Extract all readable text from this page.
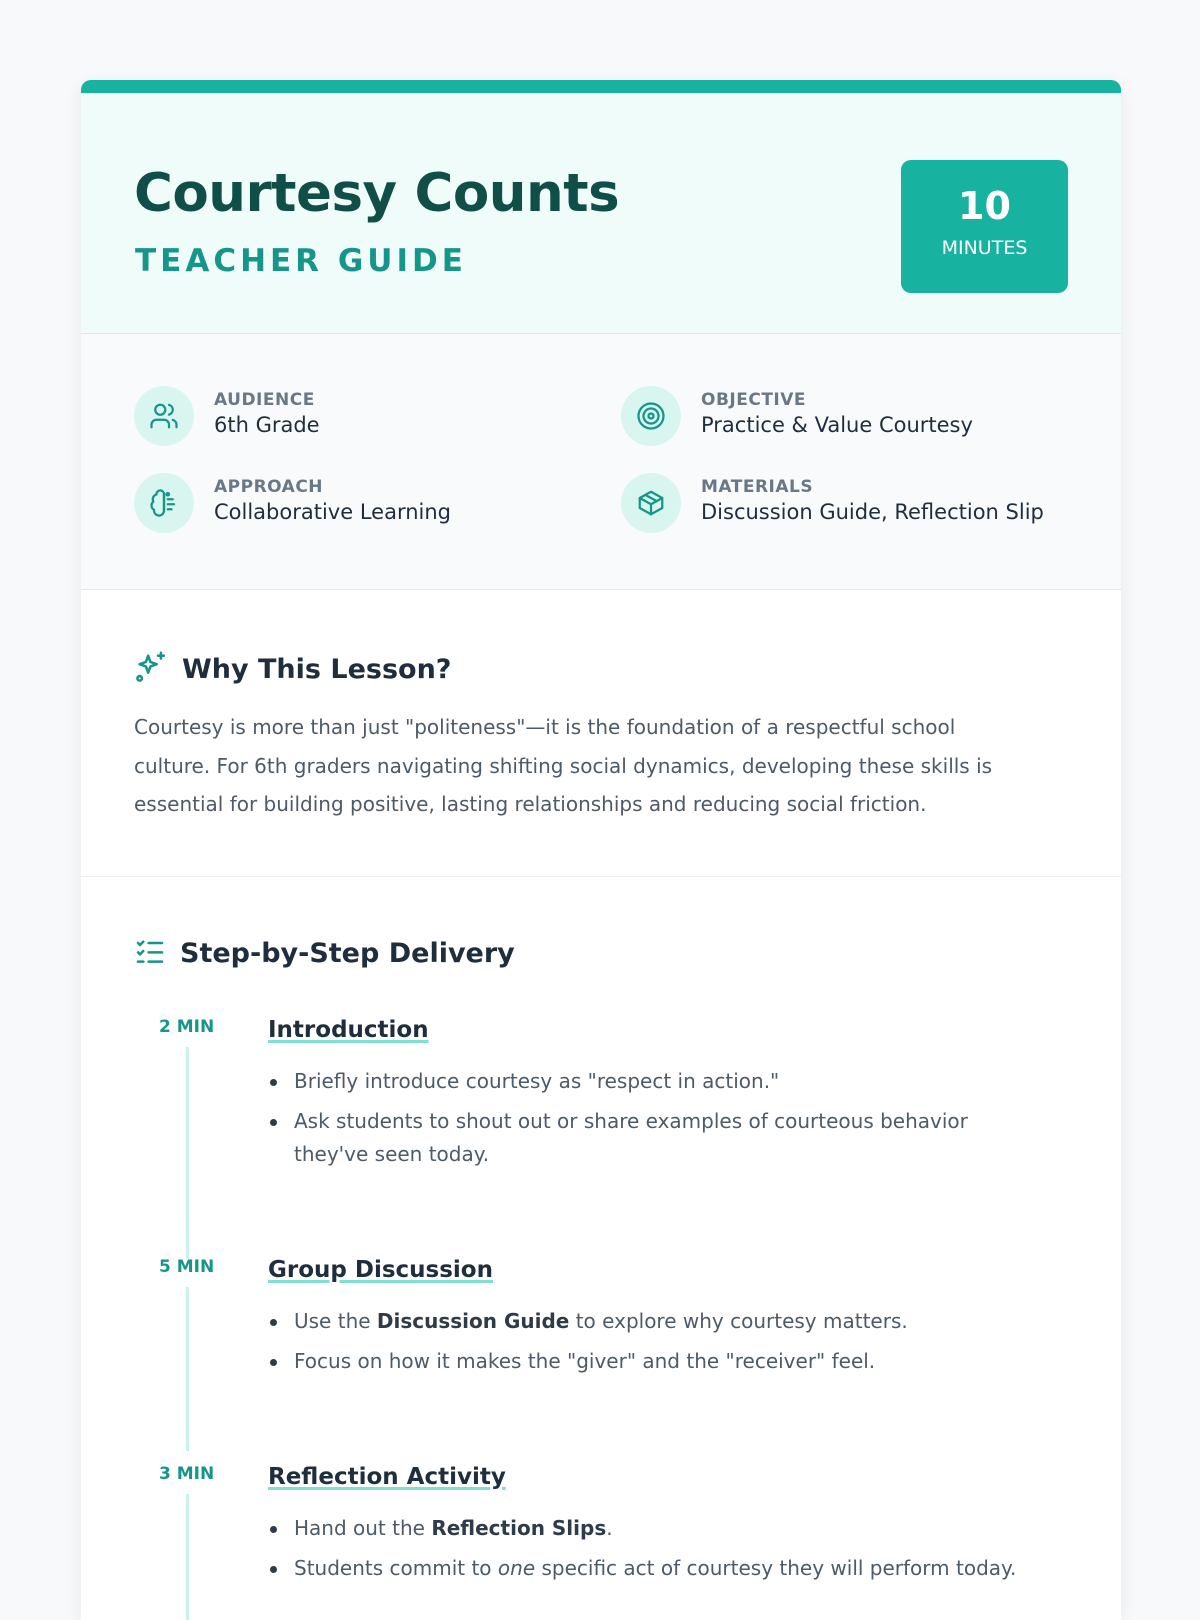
Courtesy Counts
TEACHER GUIDE
10
MINUTES
AUDIENCE
6th Grade
OBJECTIVE
Practice & Value Courtesy
APPROACH
Collaborative Learning
MATERIALS
Discussion Guide, Reflection Slip
Why This Lesson?

Courtesy is more than just "politeness"—it is the foundation of a respectful school culture. For 6th graders navigating shifting social dynamics, developing these skills is essential for building positive, lasting relationships and reducing social friction.

Step-by-Step Delivery
2 MIN Introduction
Briefly introduce courtesy as "respect in action."
Ask students to shout out or share examples of courteous behavior they've seen today.
5 MIN Group Discussion
Use the Discussion Guide to explore why courtesy matters.
Focus on how it makes the "giver" and the "receiver" feel.
3 MIN Reflection Activity
Hand out the Reflection Slips.
Students commit to one specific act of courtesy they will perform today.
